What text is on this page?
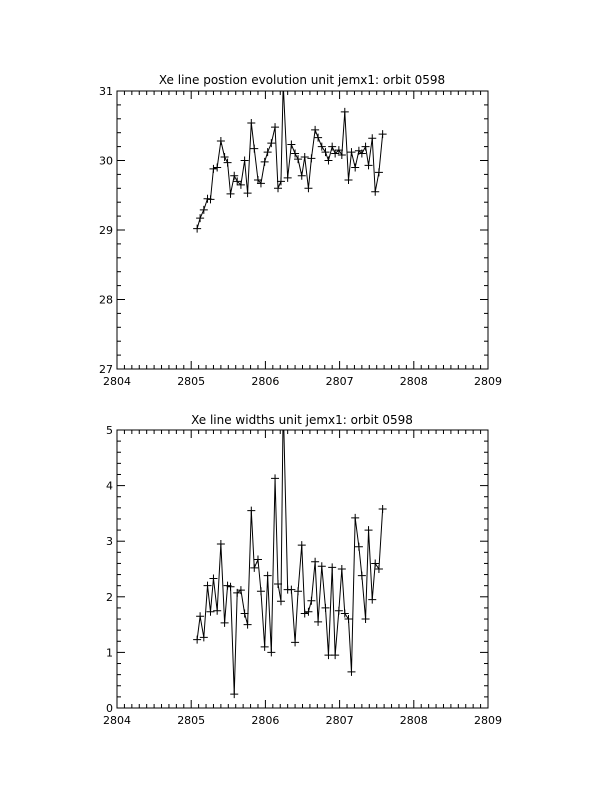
Xe line postion evolution unit jemx1: orbit 0598
2804	2805	2806	2807	2808	2809
27
28
29
30
31
Xe line widths unit jemx1: orbit 0598
2804	2805	2806	2807	2808	2809
0
1
2
3
4
5
